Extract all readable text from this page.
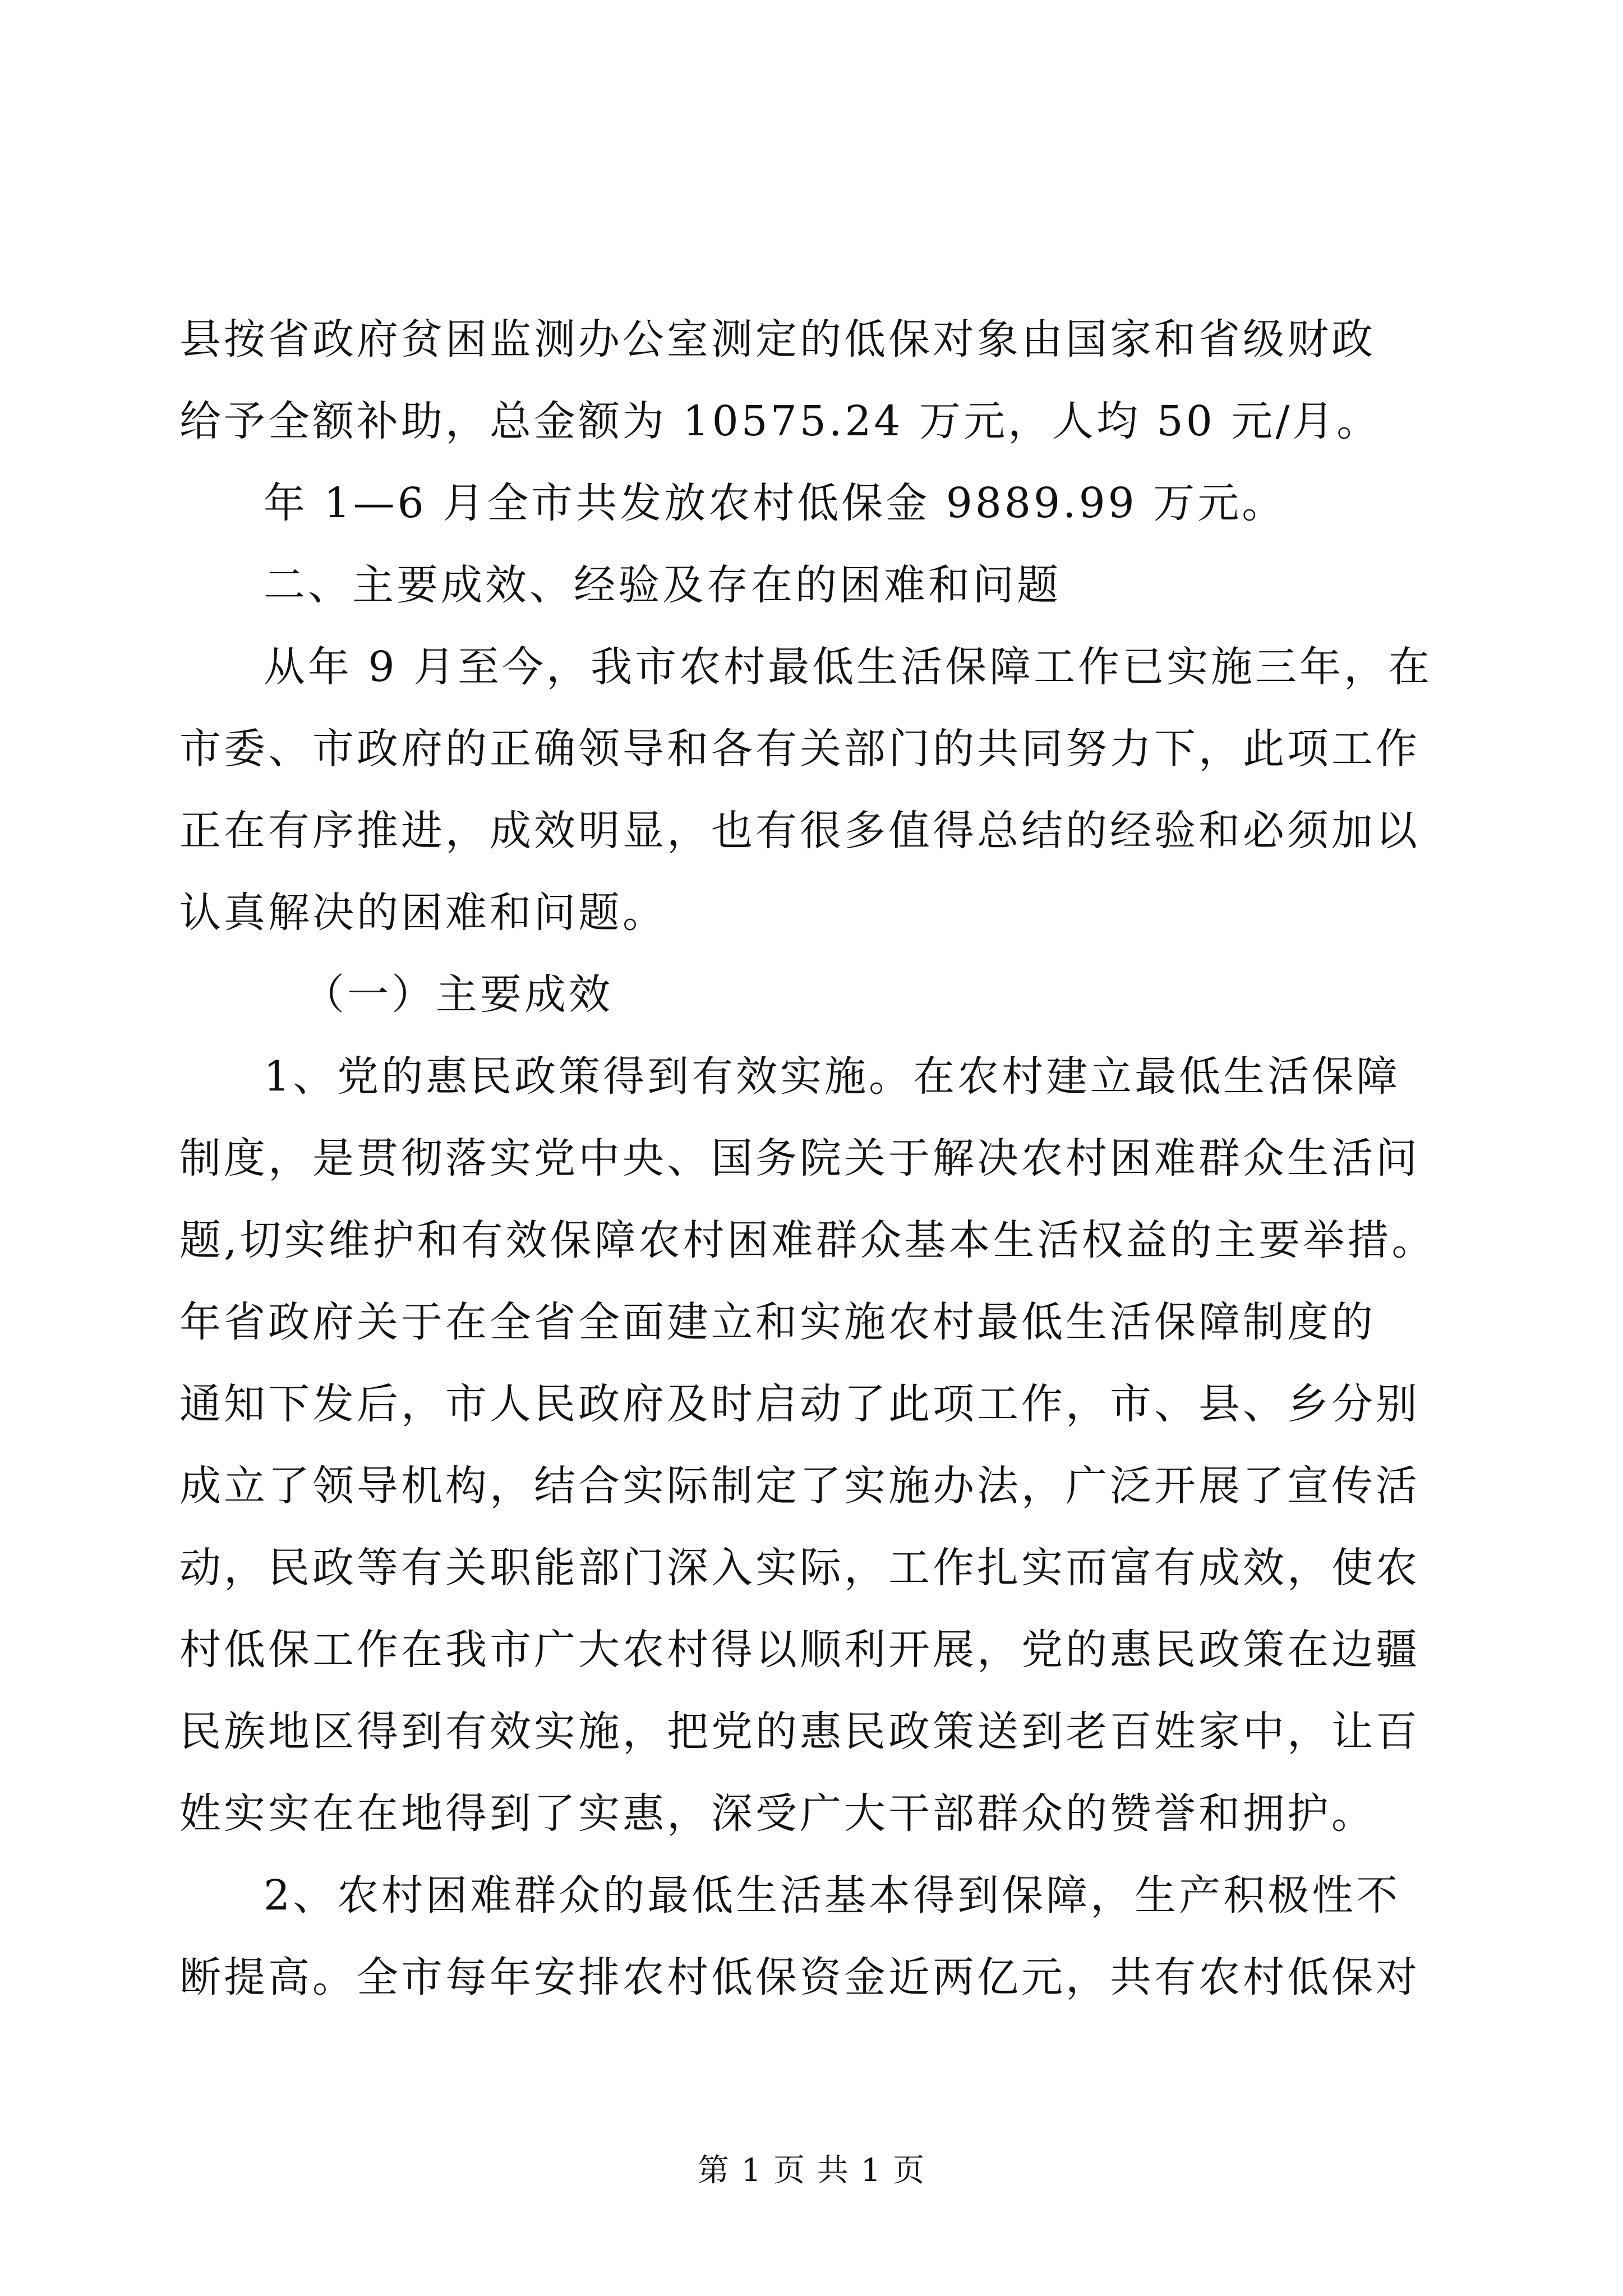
县按省政府贫困监测办公室测定的低保对象由国家和省级财政
给予全额补助，总金额为 10575.24 万元，人均 50 元/月。
年 1—6 月全市共发放农村低保金 9889.99 万元。
二、主要成效、经验及存在的困难和问题
从年 9 月至今，我市农村最低生活保障工作已实施三年，在
市委、市政府的正确领导和各有关部门的共同努力下，此项工作
正在有序推进，成效明显，也有很多值得总结的经验和必须加以
认真解决的困难和问题。
（一）主要成效
1、党的惠民政策得到有效实施。在农村建立最低生活保障
制度，是贯彻落实党中央、国务院关于解决农村困难群众生活问
题,切实维护和有效保障农村困难群众基本生活权益的主要举措。
年省政府关于在全省全面建立和实施农村最低生活保障制度的
通知下发后，市人民政府及时启动了此项工作，市、县、乡分别
成立了领导机构，结合实际制定了实施办法，广泛开展了宣传活
动，民政等有关职能部门深入实际，工作扎实而富有成效，使农
村低保工作在我市广大农村得以顺利开展，党的惠民政策在边疆
民族地区得到有效实施，把党的惠民政策送到老百姓家中，让百
姓实实在在地得到了实惠，深受广大干部群众的赞誉和拥护。
2、农村困难群众的最低生活基本得到保障，生产积极性不
断提高。全市每年安排农村低保资金近两亿元，共有农村低保对
第 1 页 共 1 页
